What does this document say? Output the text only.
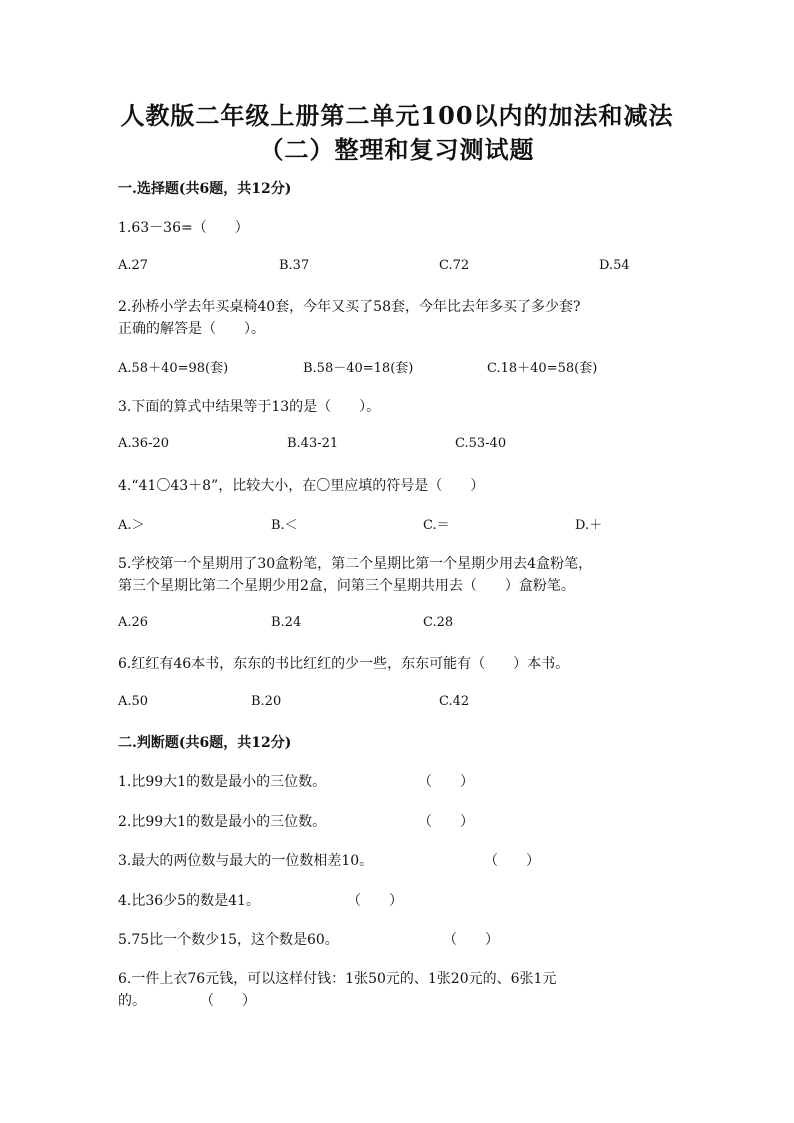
人教版二年级上册第二单元100以内的加法和减法
（二）整理和复习测试题
一.选择题(共6题，共12分)
1.63－36=（　　）
A.27	B.37	C.72	D.54
2.孙桥小学去年买桌椅40套，今年又买了58套，今年比去年多买了多少套?
正确的解答是（　　）。
A.58＋40=98(套)	B.58－40=18(套)	C.18＋40=58(套)
3.下面的算式中结果等于13的是（　　）。
A.36-20	B.43-21	C.53-40
4.“41〇43＋8”，比较大小，在〇里应填的符号是（　　）
A.＞	B.＜	C.＝	D.＋
5.学校第一个星期用了30盒粉笔，第二个星期比第一个星期少用去4盒粉笔，
第三个星期比第二个星期少用2盒，问第三个星期共用去（　　）盒粉笔。
A.26	B.24	C.28
6.红红有46本书，东东的书比红红的少一些，东东可能有（　　）本书。
A.50	B.20	C.42
二.判断题(共6题，共12分)
1.比99大1的数是最小的三位数。	（　　）
2.比99大1的数是最小的三位数。	（　　）
3.最大的两位数与最大的一位数相差10。	（　　）
4.比36少5的数是41。	（　　）
5.75比一个数少15，这个数是60。	（　　）
6.一件上衣76元钱，可以这样付钱：1张50元的、1张20元的、6张1元
的。	（　　）
